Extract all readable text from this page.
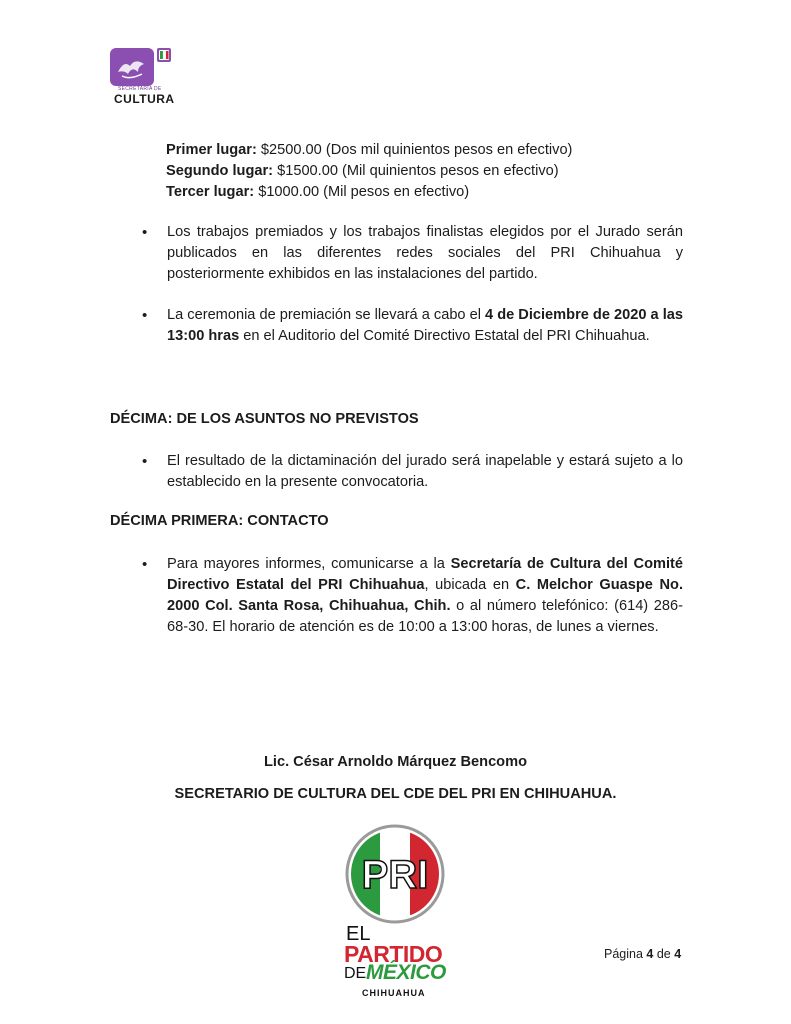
SECRETARÍA DE
CULTURA
Primer lugar: $2500.00 (Dos mil quinientos pesos en efectivo)
Segundo lugar: $1500.00 (Mil quinientos pesos en efectivo)
Tercer lugar: $1000.00 (Mil pesos en efectivo)

• Los trabajos premiados y los trabajos finalistas elegidos por el Jurado serán publicados en las diferentes redes sociales del PRI Chihuahua y posteriormente exhibidos en las instalaciones del partido.

• La ceremonia de premiación se llevará a cabo el 4 de Diciembre de 2020 a las 13:00 hras en el Auditorio del Comité Directivo Estatal del PRI Chihuahua.

DÉCIMA: DE LOS ASUNTOS NO PREVISTOS

• El resultado de la dictaminación del jurado será inapelable y estará sujeto a lo establecido en la presente convocatoria.

DÉCIMA PRIMERA: CONTACTO

• Para mayores informes, comunicarse a la Secretaría de Cultura del Comité Directivo Estatal del PRI Chihuahua, ubicada en C. Melchor Guaspe No. 2000 Col. Santa Rosa, Chihuahua, Chih. o al número telefónico: (614) 286-68-30. El horario de atención es de 10:00 a 13:00 horas, de lunes a viernes.

Lic. César Arnoldo Márquez Bencomo
SECRETARIO DE CULTURA DEL CDE DEL PRI EN CHIHUAHUA.
PRI
EL
PARTIDO
DE MÉXICO
CHIHUAHUA
Página 4 de 4
